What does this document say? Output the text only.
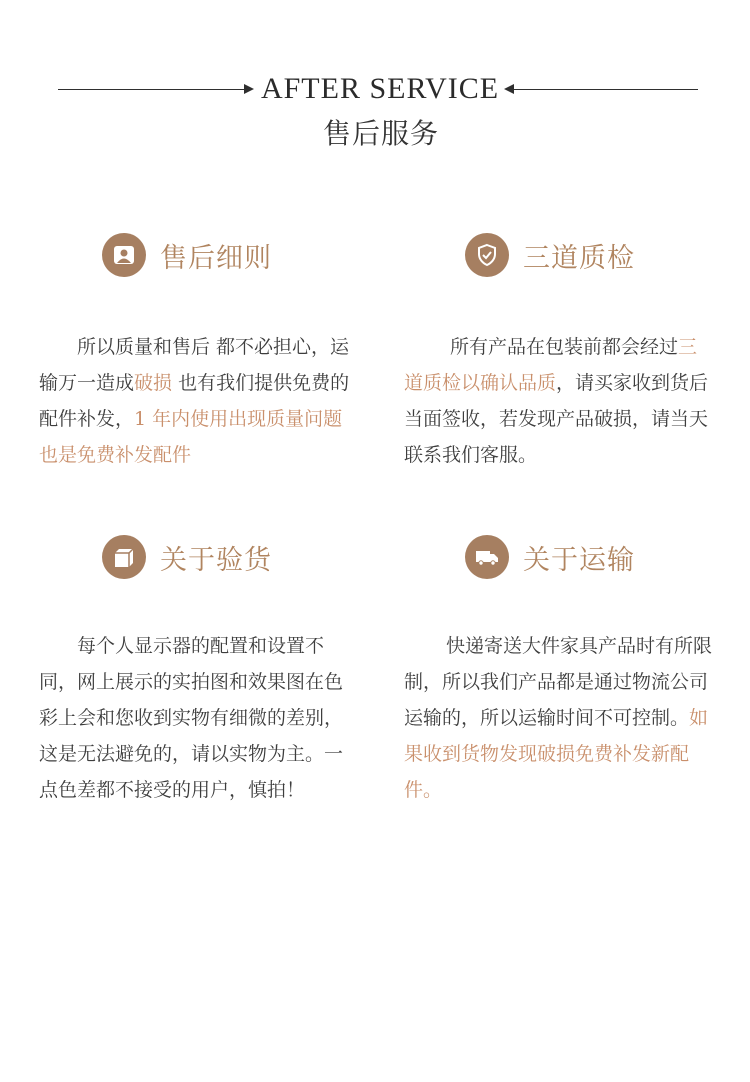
AFTER SERVICE
售后服务
售后细则
所以质量和售后 都不必担心，运输万一造成破损 也有我们提供免费的配件补发，1 年内使用出现质量问题 也是免费补发配件
三道质检
所有产品在包装前都会经过三道质检以确认品质，请买家收到货后当面签收，若发现产品破损，请当天联系我们客服。
关于验货
每个人显示器的配置和设置不同，网上展示的实拍图和效果图在色彩上会和您收到实物有细微的差别，这是无法避免的，请以实物为主。一点色差都不接受的用户，慎拍！
关于运输
快递寄送大件家具产品时有所限制，所以我们产品都是通过物流公司运输的，所以运输时间不可控制。如果收到货物发现破损免费补发新配件。
